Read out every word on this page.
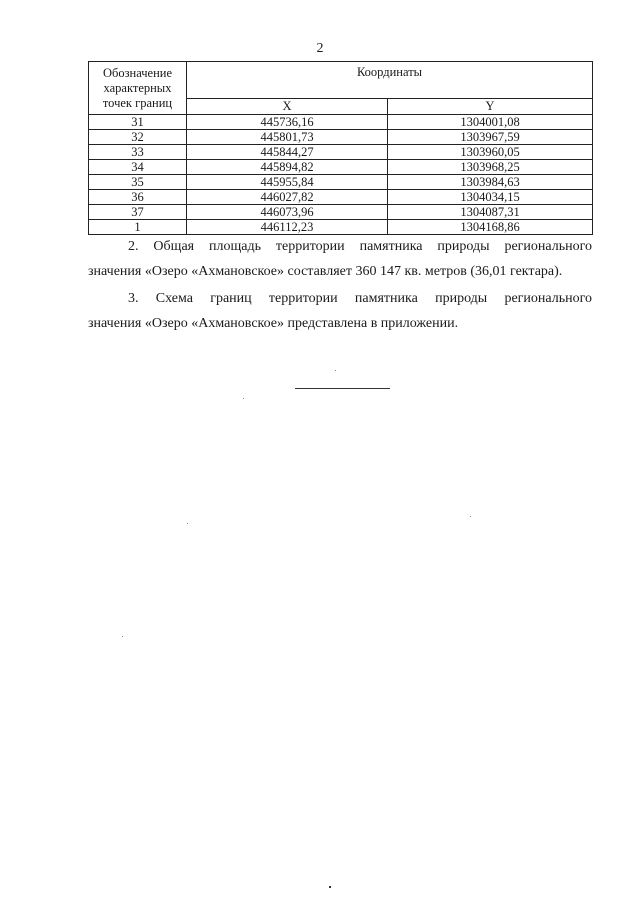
2
Обозначение
характерных
точек границ	Координаты	
	X	Y
31	445736,16	1304001,08
32	445801,73	1303967,59
33	445844,27	1303960,05
34	445894,82	1303968,25
35	445955,84	1303984,63
36	446027,82	1304034,15
37	446073,96	1304087,31
1	446112,23	1304168,86
2. Общая площадь территории памятника природы регионального
значения «Озеро «Ахмановское» составляет 360 147 кв. метров (36,01 гектара).
3. Схема границ территории памятника природы регионального
значения «Озеро «Ахмановское» представлена в приложении.
